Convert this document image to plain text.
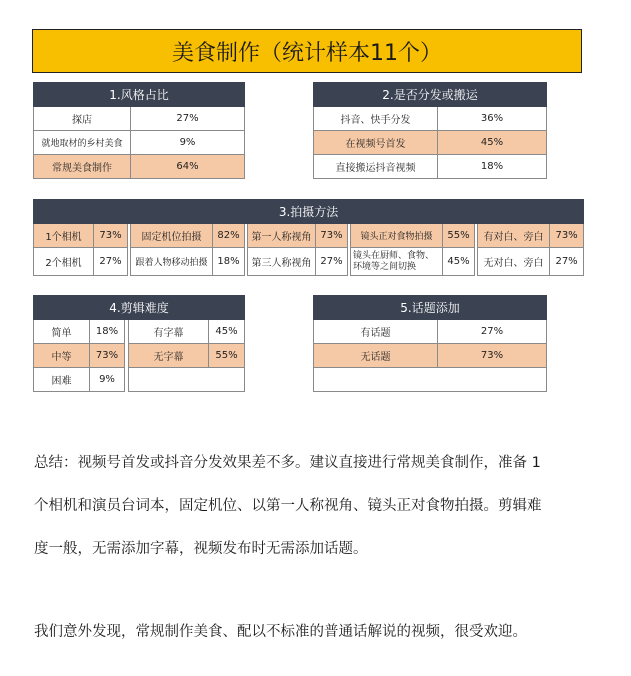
美食制作（统计样本11个）
1.风格占比	
探店	27%
就地取材的乡村美食	9%
常规美食制作	64%
2.是否分发或搬运	
抖音、快手分发	36%
在视频号首发	45%
直接搬运抖音视频	18%
3.拍摄方法													
1个相机	73%		固定机位拍摄	82%		第一人称视角	73%		镜头正对食物拍摄	55%		有对白、旁白	73%
2个相机	27%		跟着人物移动拍摄	18%		第三人称视角	27%		镜头在厨师、食物、环境等之间切换	45%		无对白、旁白	27%
4.剪辑难度				
简单	18%		有字幕	45%
中等	73%		无字幕	55%
困难	9%			
5.话题添加	
有话题	27%
无话题	73%

总结：视频号首发或抖音分发效果差不多。建议直接进行常规美食制作，准备 1
个相机和演员台词本，固定机位、以第一人称视角、镜头正对食物拍摄。剪辑难
度一般，无需添加字幕，视频发布时无需添加话题。
我们意外发现，常规制作美食、配以不标准的普通话解说的视频，很受欢迎。
